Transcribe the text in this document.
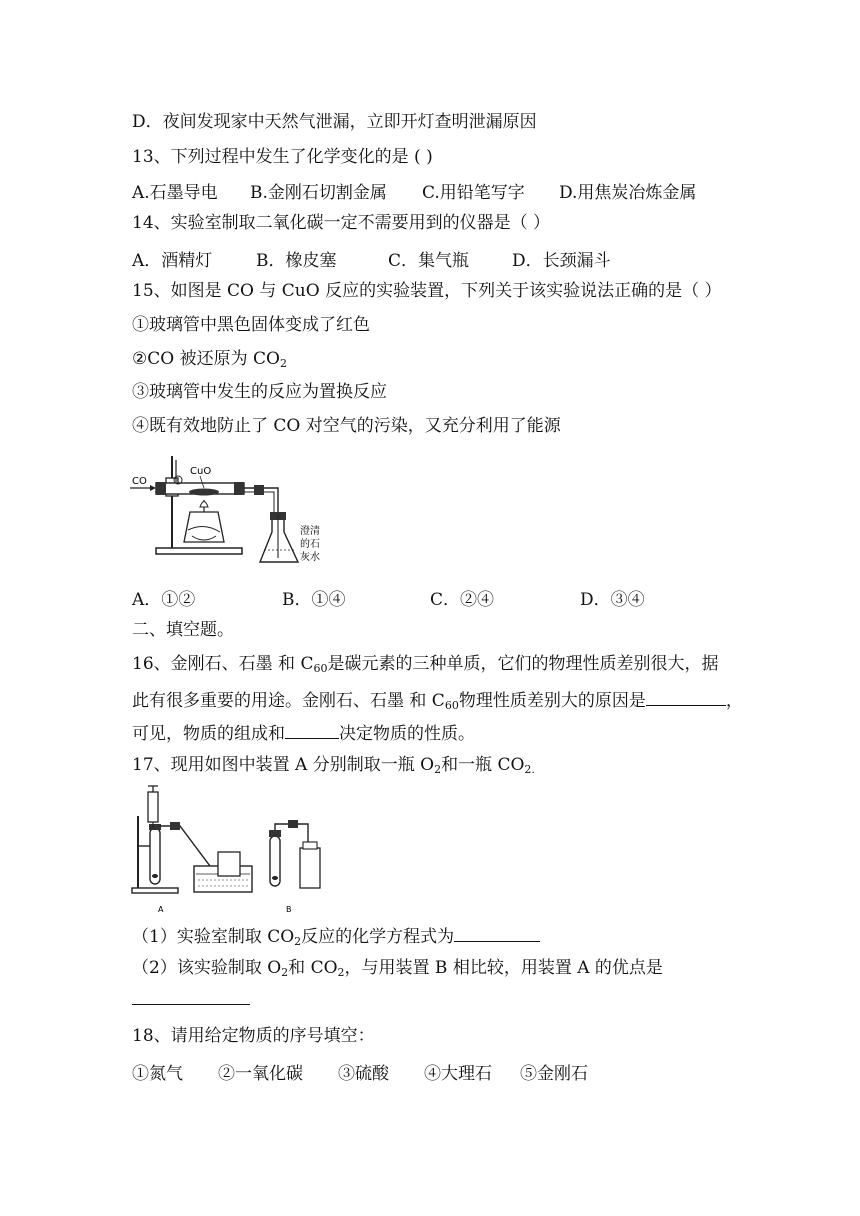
D．夜间发现家中天然气泄漏，立即开灯查明泄漏原因
13、下列过程中发生了化学变化的是 ( )
A.石墨导电 B.金刚石切割金属 C.用铅笔写字 D.用焦炭冶炼金属
14、实验室制取二氧化碳一定不需要用到的仪器是（ ）
A．酒精灯	B．橡皮塞	C．集气瓶	D．长颈漏斗
15、如图是 CO 与 CuO 反应的实验装置，下列关于该实验说法正确的是（ ）
①玻璃管中黑色固体变成了红色
②CO 被还原为 $CO_2$
③玻璃管中发生的反应为置换反应
④既有效地防止了 CO 对空气的污染，又充分利用了能源
CO
CuO
澄清
的石
灰水
A．①②	B．①④	C．②④	D．③④
二、填空题。
16、金刚石、石墨 和 $C_{60}$是碳元素的三种单质，它们的物理性质差别很大，据
此有很多重要的用途。金刚石、石墨 和 $C_{60}$物理性质差别大的原因是	，
可见，物质的组成和	决定物质的性质。
17、现用如图中装置 A 分别制取一瓶 $O_2$和一瓶 $CO_{2.}$
A	B
（1）实验室制取 $CO_2$反应的化学方程式为
（2）该实验制取 $O_2$和 $CO_2$，与用装置 B 相比较，用装置 A 的优点是
18、请用给定物质的序号填空：
①氮气 ②一氧化碳 ③硫酸 ④大理石 ⑤金刚石
